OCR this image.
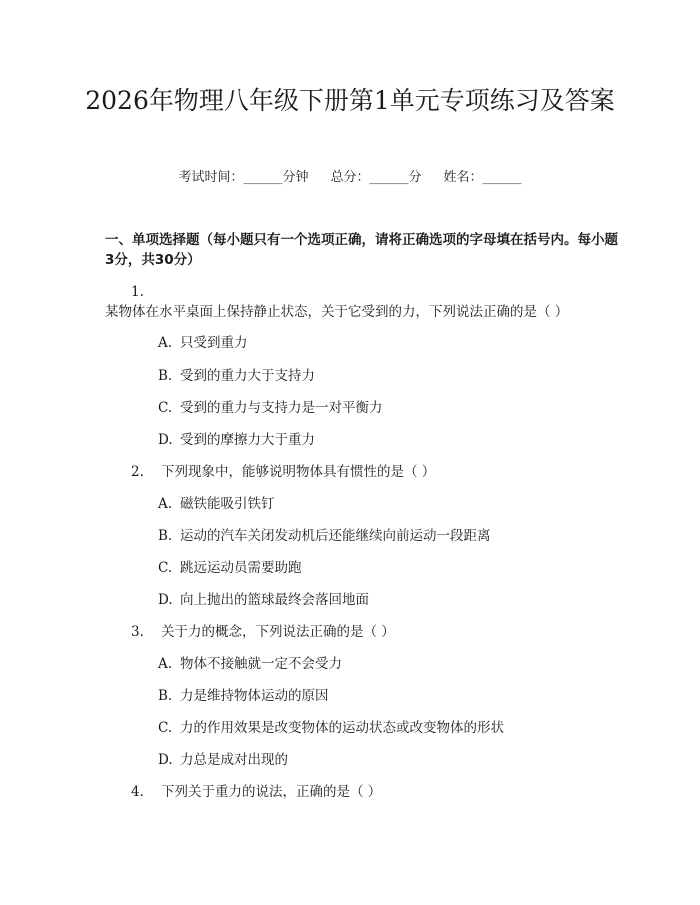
2026年物理八年级下册第1单元专项练习及答案
考试时间：______分钟 总分：______分 姓名：______
一、单项选择题（每小题只有一个选项正确，请将正确选项的字母填在括号内。每小题3分，共30分）
1.某物体在水平桌面上保持静止状态，关于它受到的力，下列说法正确的是（ ）
A. 只受到重力
B. 受到的重力大于支持力
C. 受到的重力与支持力是一对平衡力
D. 受到的摩擦力大于重力
2. 下列现象中，能够说明物体具有惯性的是（ ）
A. 磁铁能吸引铁钉
B. 运动的汽车关闭发动机后还能继续向前运动一段距离
C. 跳远运动员需要助跑
D. 向上抛出的篮球最终会落回地面
3. 关于力的概念，下列说法正确的是（ ）
A. 物体不接触就一定不会受力
B. 力是维持物体运动的原因
C. 力的作用效果是改变物体的运动状态或改变物体的形状
D. 力总是成对出现的
4. 下列关于重力的说法，正确的是（ ）
